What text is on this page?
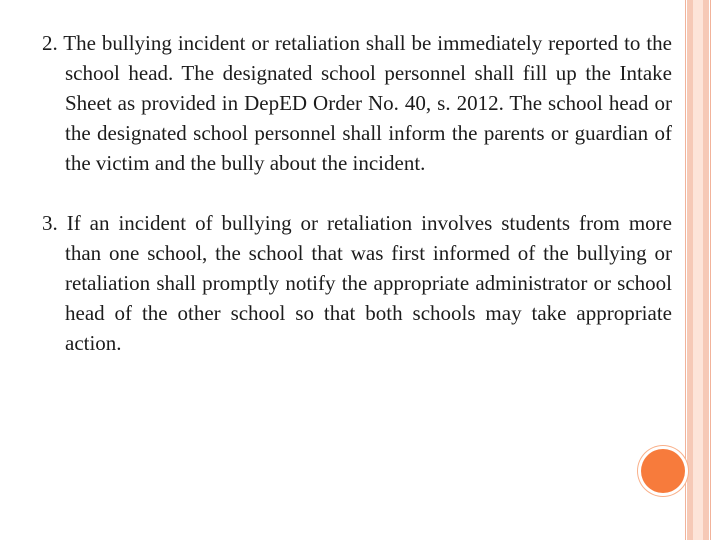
2. The bullying incident or retaliation shall be immediately reported to the school head. The designated school personnel shall fill up the Intake Sheet as provided in DepED Order No. 40, s. 2012. The school head or the designated school personnel shall inform the parents or guardian of the victim and the bully about the incident.

3. If an incident of bullying or retaliation involves students from more than one school, the school that was first informed of the bullying or retaliation shall promptly notify the appropriate administrator or school head of the other school so that both schools may take appropriate action.
